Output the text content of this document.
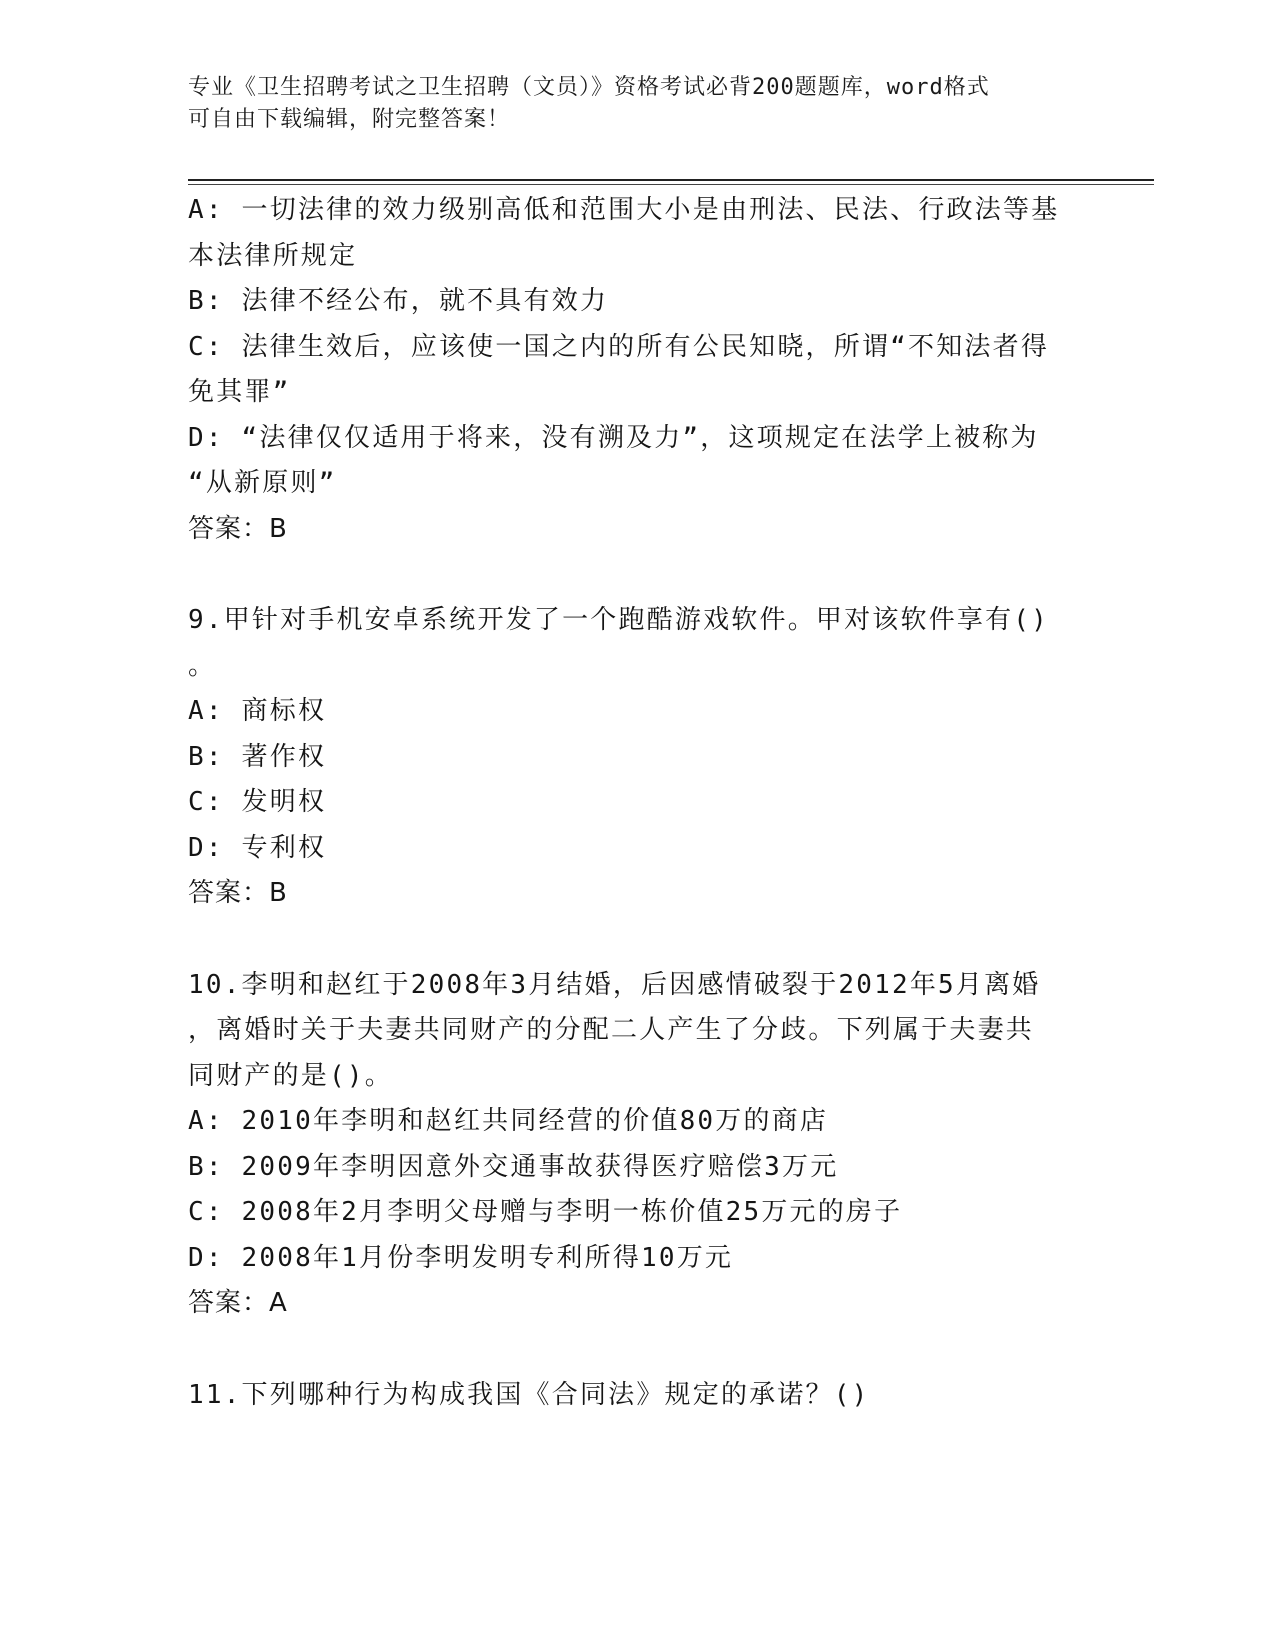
专业《卫生招聘考试之卫生招聘（文员）》资格考试必背200题题库，word格式
可自由下载编辑，附完整答案！
A: 一切法律的效力级别高低和范围大小是由刑法、民法、行政法等基
本法律所规定
B: 法律不经公布，就不具有效力
C: 法律生效后，应该使一国之内的所有公民知晓，所谓“不知法者得
免其罪”
D: “法律仅仅适用于将来，没有溯及力”，这项规定在法学上被称为
“从新原则”
答案：B
9.甲针对手机安卓系统开发了一个跑酷游戏软件。甲对该软件享有()
。
A: 商标权
B: 著作权
C: 发明权
D: 专利权
答案：B
10.李明和赵红于2008年3月结婚，后因感情破裂于2012年5月离婚
，离婚时关于夫妻共同财产的分配二人产生了分歧。下列属于夫妻共
同财产的是()。
A: 2010年李明和赵红共同经营的价值80万的商店
B: 2009年李明因意外交通事故获得医疗赔偿3万元
C: 2008年2月李明父母赠与李明一栋价值25万元的房子
D: 2008年1月份李明发明专利所得10万元
答案：A
11.下列哪种行为构成我国《合同法》规定的承诺？()
